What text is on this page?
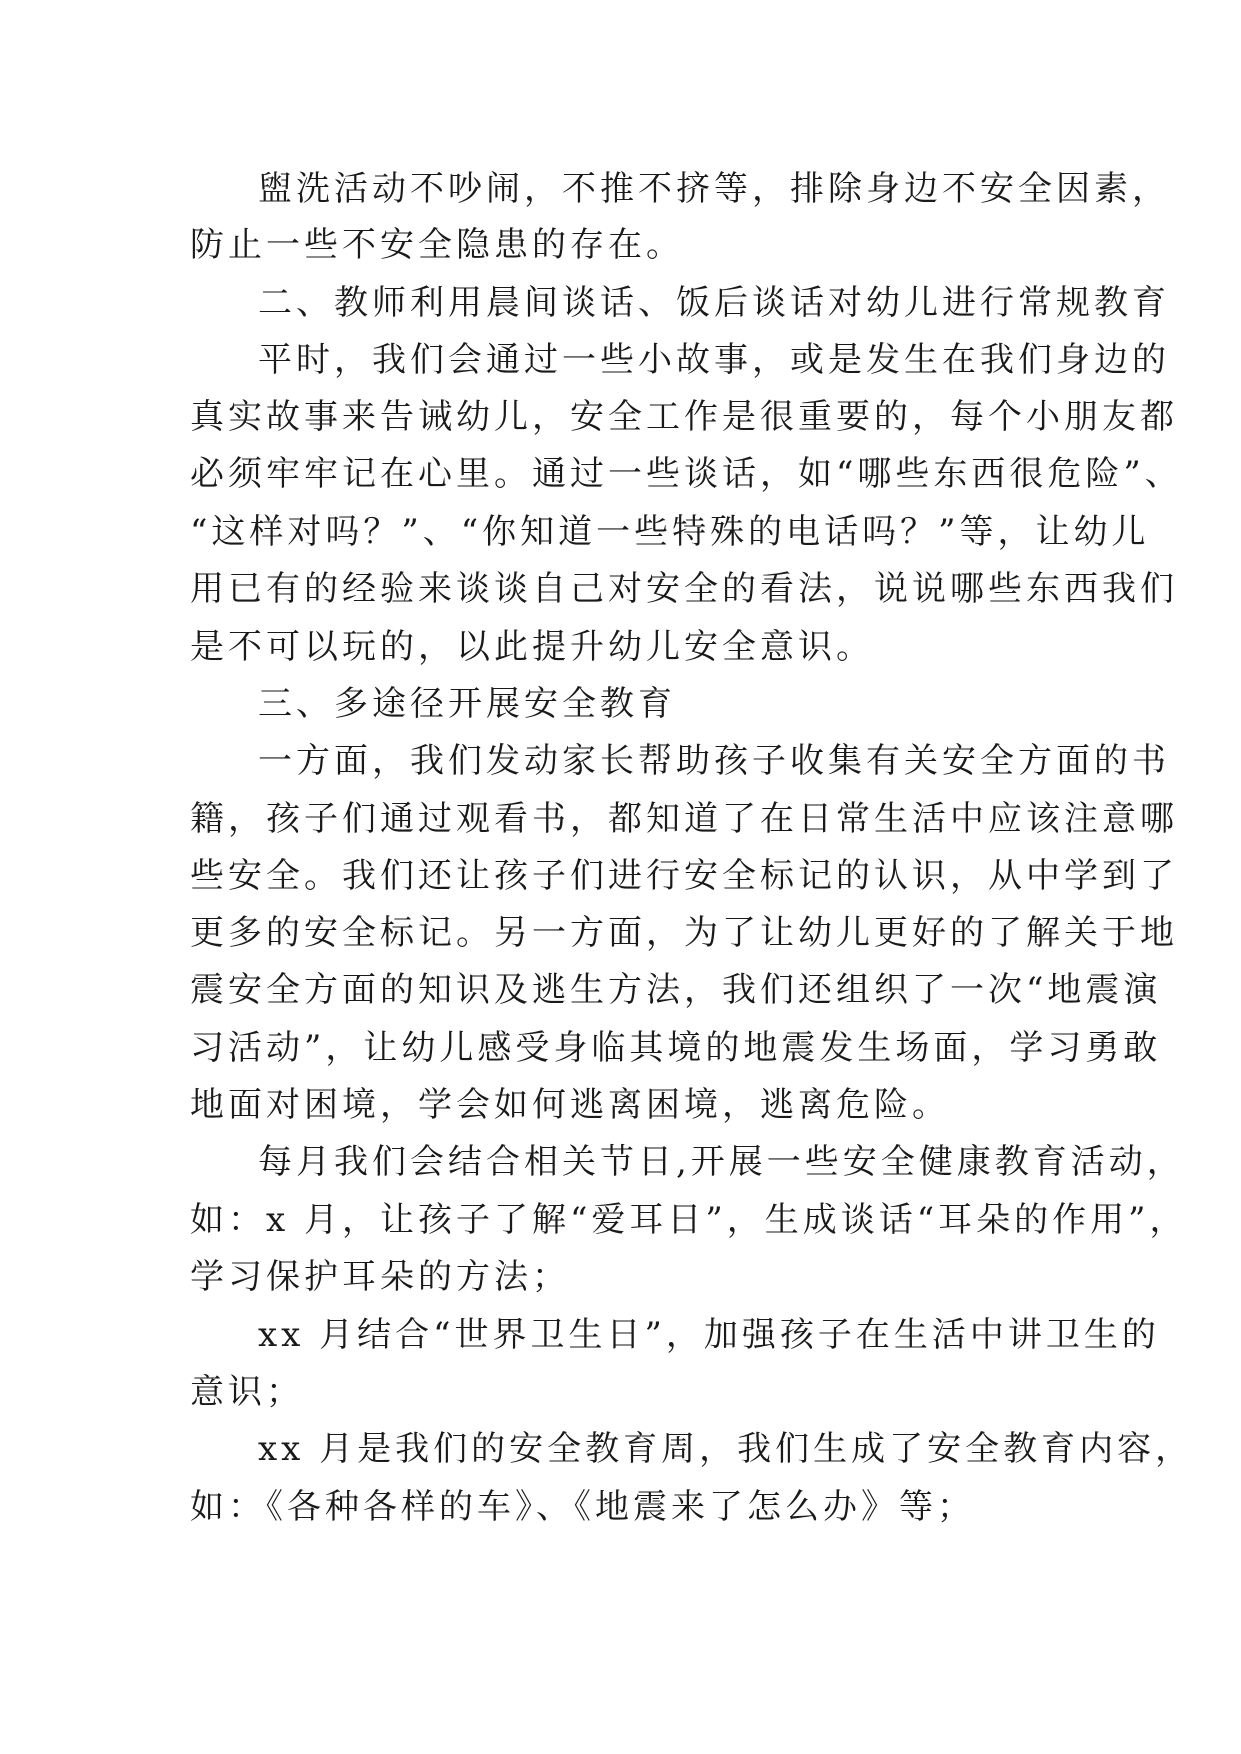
盥洗活动不吵闹，不推不挤等，排除身边不安全因素，
防止一些不安全隐患的存在。
二、教师利用晨间谈话、饭后谈话对幼儿进行常规教育
平时，我们会通过一些小故事，或是发生在我们身边的
真实故事来告诫幼儿，安全工作是很重要的，每个小朋友都
必须牢牢记在心里。通过一些谈话，如“哪些东西很危险”、
“这样对吗？”、“你知道一些特殊的电话吗？”等，让幼儿
用已有的经验来谈谈自己对安全的看法，说说哪些东西我们
是不可以玩的，以此提升幼儿安全意识。
三、多途径开展安全教育
一方面，我们发动家长帮助孩子收集有关安全方面的书
籍，孩子们通过观看书，都知道了在日常生活中应该注意哪
些安全。我们还让孩子们进行安全标记的认识，从中学到了
更多的安全标记。另一方面，为了让幼儿更好的了解关于地
震安全方面的知识及逃生方法，我们还组织了一次“地震演
习活动”，让幼儿感受身临其境的地震发生场面，学习勇敢
地面对困境，学会如何逃离困境，逃离危险。
每月我们会结合相关节日,开展一些安全健康教育活动，
如：x 月，让孩子了解“爱耳日”，生成谈话“耳朵的作用”，
学习保护耳朵的方法；
xx 月结合“世界卫生日”，加强孩子在生活中讲卫生的
意识；
xx 月是我们的安全教育周，我们生成了安全教育内容，
如：《各种各样的车》、《地震来了怎么办》等；
